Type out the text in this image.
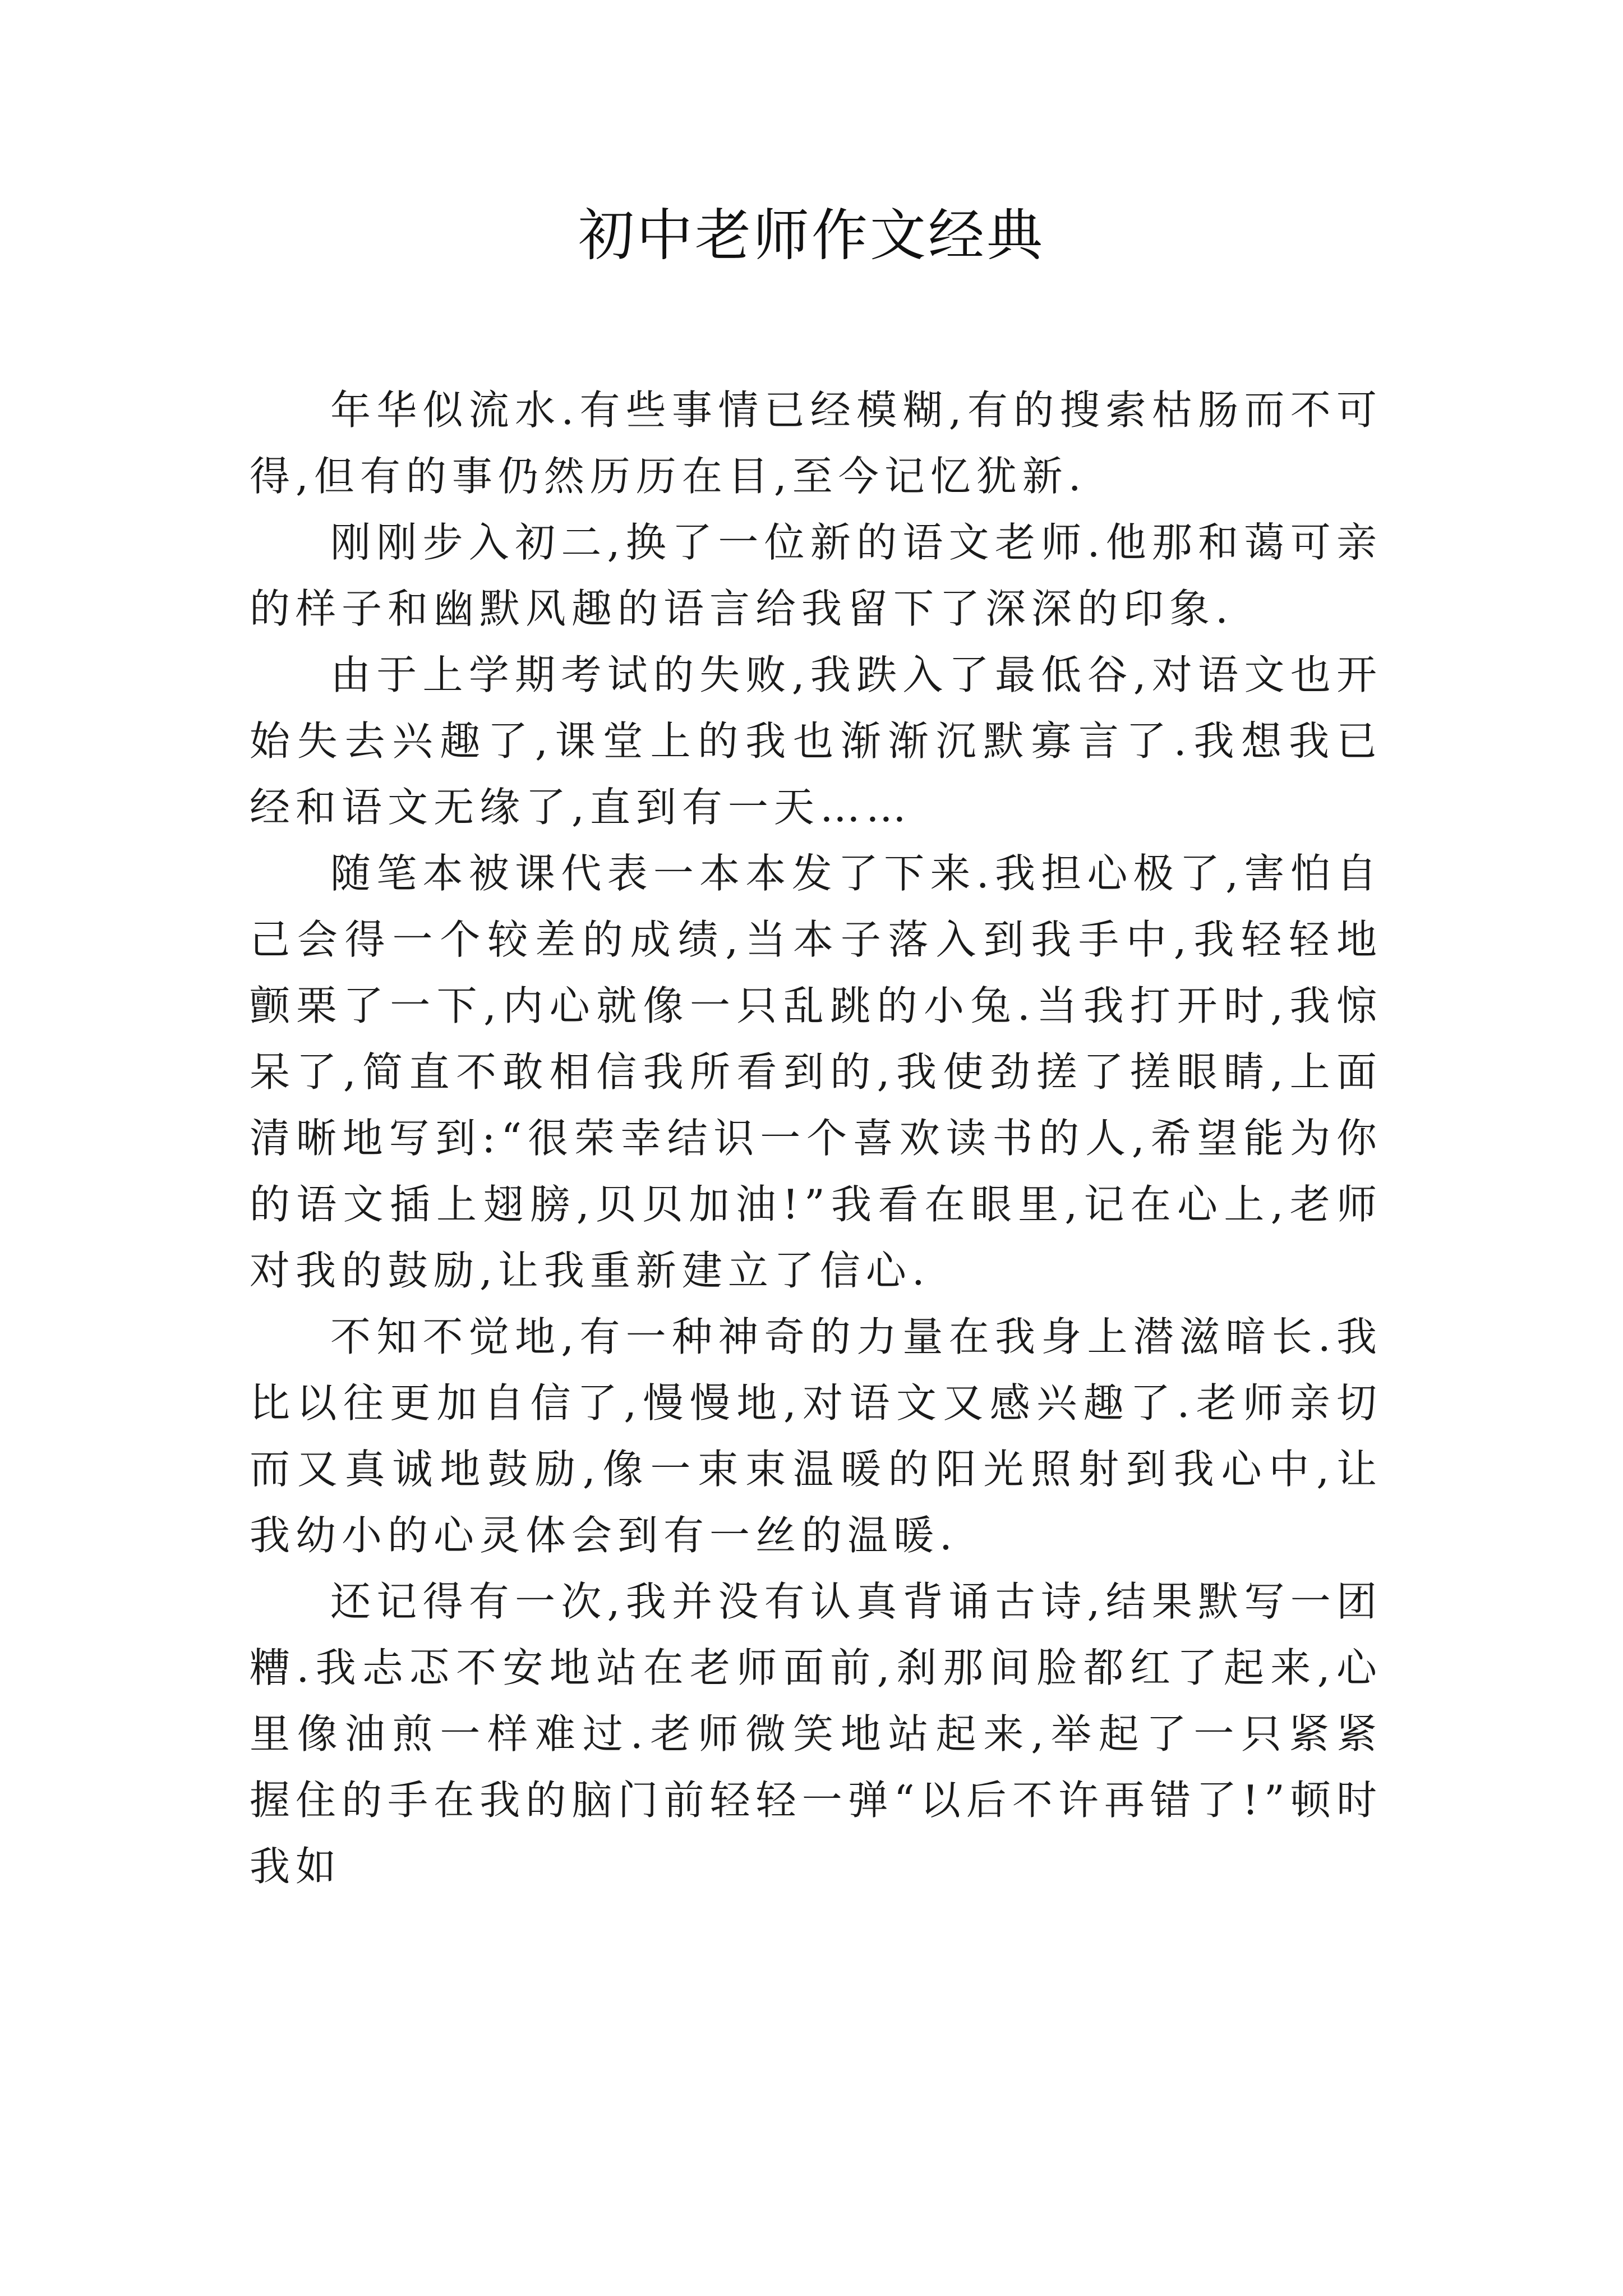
初中老师作文经典

年华似流水.有些事情已经模糊,有的搜索枯肠而不可得,但有的事仍然历历在目,至今记忆犹新.

刚刚步入初二,换了一位新的语文老师.他那和蔼可亲的样子和幽默风趣的语言给我留下了深深的印象.

由于上学期考试的失败,我跌入了最低谷,对语文也开始失去兴趣了,课堂上的我也渐渐沉默寡言了.我想我已经和语文无缘了,直到有一天……

随笔本被课代表一本本发了下来.我担心极了,害怕自己会得一个较差的成绩,当本子落入到我手中,我轻轻地颤栗了一下,内心就像一只乱跳的小兔.当我打开时,我惊呆了,简直不敢相信我所看到的,我使劲搓了搓眼睛,上面清晰地写到:“很荣幸结识一个喜欢读书的人,希望能为你的语文插上翅膀,贝贝加油!”我看在眼里,记在心上,老师对我的鼓励,让我重新建立了信心.

不知不觉地,有一种神奇的力量在我身上潜滋暗长.我比以往更加自信了,慢慢地,对语文又感兴趣了.老师亲切而又真诚地鼓励,像一束束温暖的阳光照射到我心中,让我幼小的心灵体会到有一丝的温暖.

还记得有一次,我并没有认真背诵古诗,结果默写一团糟.我忐忑不安地站在老师面前,刹那间脸都红了起来,心里像油煎一样难过.老师微笑地站起来,举起了一只紧紧握住的手在我的脑门前轻轻一弹“以后不许再错了!”顿时我如
